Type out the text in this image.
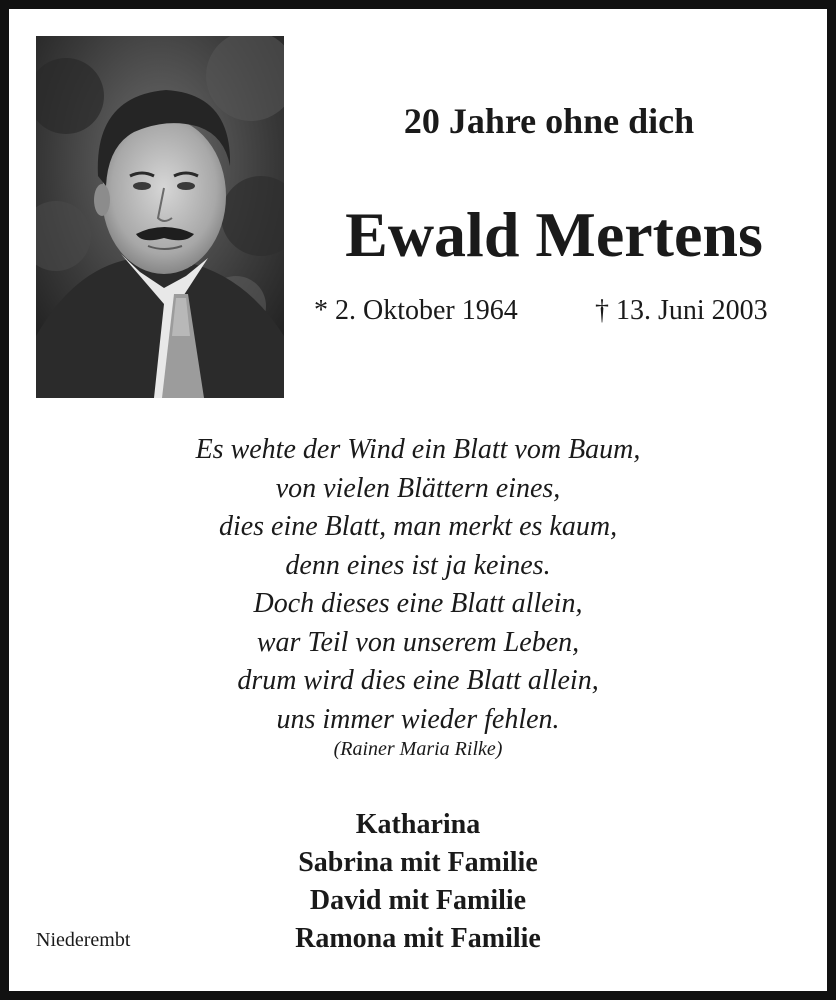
20 Jahre ohne dich
Ewald Mertens
* 2. Oktober 1964	† 13. Juni 2003
Es wehte der Wind ein Blatt vom Baum,
von vielen Blättern eines,
dies eine Blatt, man merkt es kaum,
denn eines ist ja keines.
Doch dieses eine Blatt allein,
war Teil von unserem Leben,
drum wird dies eine Blatt allein,
uns immer wieder fehlen.
(Rainer Maria Rilke)
Katharina
Sabrina mit Familie
David mit Familie
Ramona mit Familie
Niederembt
